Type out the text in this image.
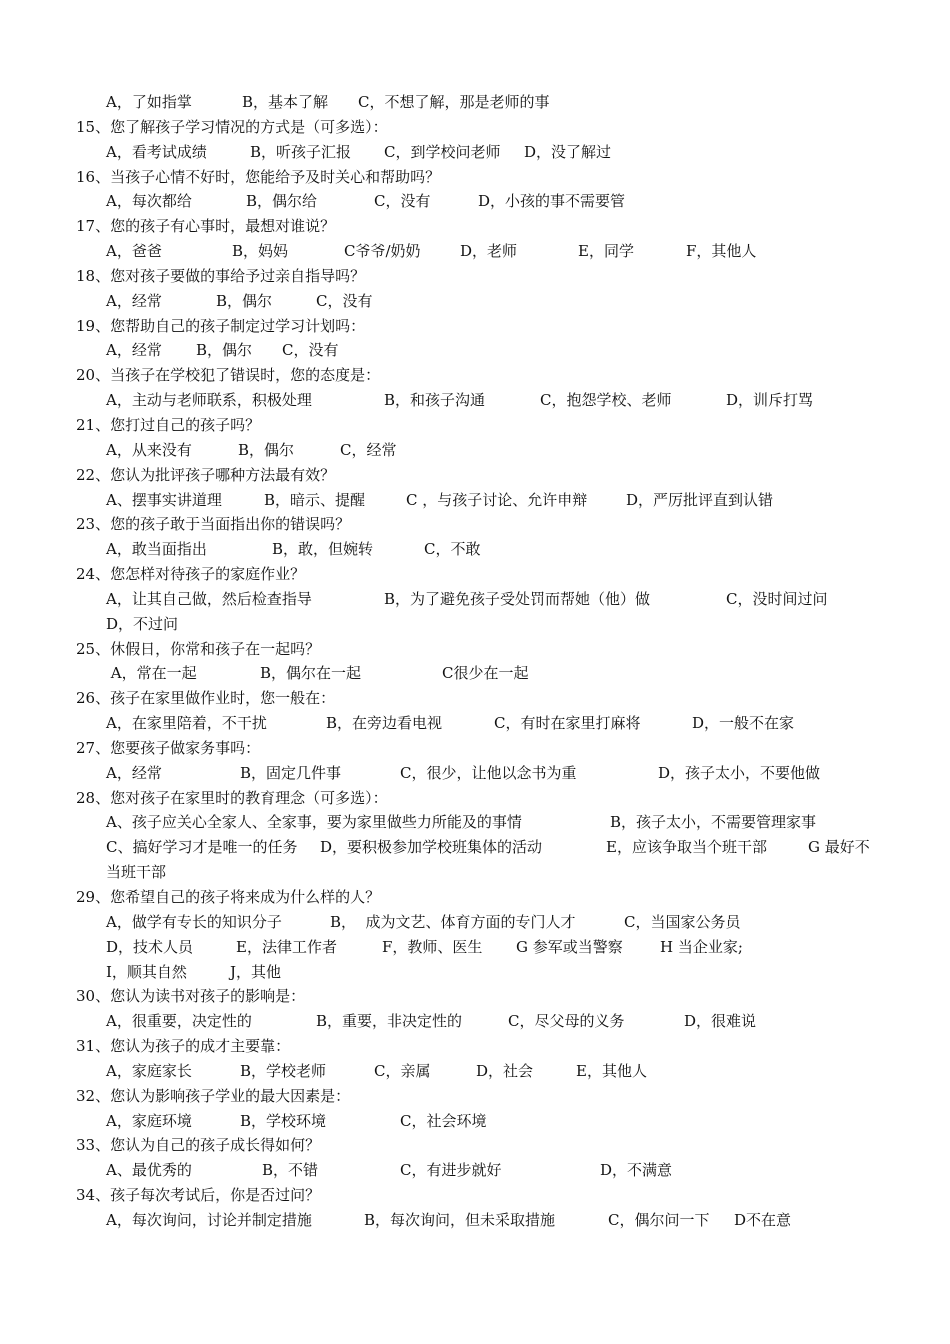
A，了如指掌	B，基本了解 C，不想了解，那是老师的事
15、您了解孩子学习情况的方式是（可多选）：
A，看考试成绩	B，听孩子汇报 C，到学校问老师 D，没了解过
16、当孩子心情不好时，您能给予及时关心和帮助吗？
A，每次都给	B，偶尔给	C，没有	D，小孩的事不需要管
17、您的孩子有心事时，最想对谁说？
A，爸爸	B，妈妈	C爷爷/奶奶	D，老师	E，同学	F，其他人
18、您对孩子要做的事给予过亲自指导吗？
A，经常	B，偶尔	C，没有
19、您帮助自己的孩子制定过学习计划吗：
A，经常 B，偶尔 C，没有
20、当孩子在学校犯了错误时，您的态度是：
A，主动与老师联系，积极处理	B，和孩子沟通	C，抱怨学校、老师	D，训斥打骂
21、您打过自己的孩子吗？
A，从来没有	B，偶尔	C，经常
22、您认为批评孩子哪种方法最有效？
A、摆事实讲道理	B，暗示、提醒	C ，与孩子讨论、允许申辩	D，严厉批评直到认错
23、您的孩子敢于当面指出你的错误吗？
A，敢当面指出	B，敢，但婉转	C，不敢
24、您怎样对待孩子的家庭作业？
A，让其自己做，然后检查指导	B，为了避免孩子受处罚而帮她（他）做	C，没时间过问
D，不过问
25、休假日，你常和孩子在一起吗？
A，常在一起	B，偶尔在一起	C很少在一起
26、孩子在家里做作业时，您一般在：
A，在家里陪着，不干扰	B，在旁边看电视	C，有时在家里打麻将	D，一般不在家
27、您要孩子做家务事吗：
A，经常	B，固定几件事	C，很少，让他以念书为重	D，孩子太小，不要他做
28、您对孩子在家里时的教育理念（可多选）：
A、孩子应关心全家人、全家事，要为家里做些力所能及的事情	B，孩子太小，不需要管理家事
C、搞好学习才是唯一的任务 D，要积极参加学校班集体的活动	E，应该争取当个班干部	G 最好不
当班干部
29、您希望自己的孩子将来成为什么样的人？
A，做学有专长的知识分子	B，  成为文艺、体育方面的专门人才	C，当国家公务员
D，技术人员	E，法律工作者	F，教师、医生 G 参军或当警察 H 当企业家;
I，顺其自然	J，其他
30、您认为读书对孩子的影响是：
A，很重要，决定性的	B，重要，非决定性的	C，尽父母的义务	D，很难说
31、您认为孩子的成才主要靠：
A，家庭家长	B，学校老师	C，亲属	D，社会	E，其他人
32、您认为影响孩子学业的最大因素是：
A，家庭环境	B，学校环境	C，社会环境
33、您认为自己的孩子成长得如何？
A、最优秀的	B，不错	C，有进步就好	D，不满意
34、孩子每次考试后，你是否过问？
A，每次询问，讨论并制定措施	B，每次询问，但未采取措施	C，偶尔问一下 D不在意
